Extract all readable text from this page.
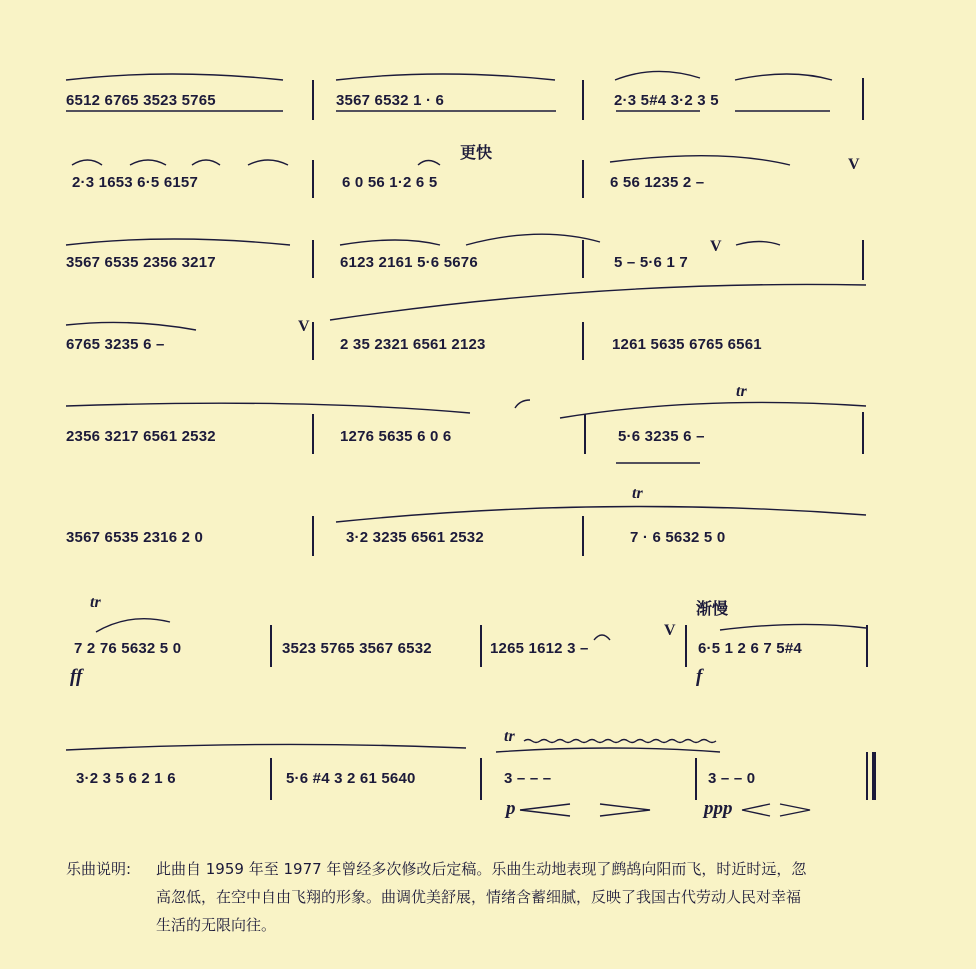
6512 6765 3523 5765	3567 6532 1 · 6	2·3 5#4 3·2 3 5
更快
2·3 1653 6·5 6157	6 0 56 1·2 6 5	6 56 1235 2 –
V
3567 6535 2356 3217	6123 2161 5·6 5676	5 – 5·6 1 7
V
6765 3235 6 –
V
2 35 2321 6561 2123	1261 5635 6765 6561
tr
2356 3217 6561 2532	1276 5635 6 0 6	5·6 3235 6 –
tr
3567 6535 2316 2 0	3·2 3235 6561 2532	7 · 6 5632 5 0
tr	渐慢
7 2 76 5632 5 0	3523 5765 3567 6532	1265 1612 3 –
V
6·5 1 2 6 7 5#4
ff	f
tr
3·2 3 5 6 2 1 6	5·6 #4 3 2 61 5640	3 – – –	3 – – 0
p	ppp
乐曲说明: 此曲自 1959 年至 1977 年曾经多次修改后定稿。乐曲生动地表现了鹧鸪向阳而飞，时近时远，忽
高忽低，在空中自由飞翔的形象。曲调优美舒展，情绪含蓄细腻，反映了我国古代劳动人民对幸福
生活的无限向往。
